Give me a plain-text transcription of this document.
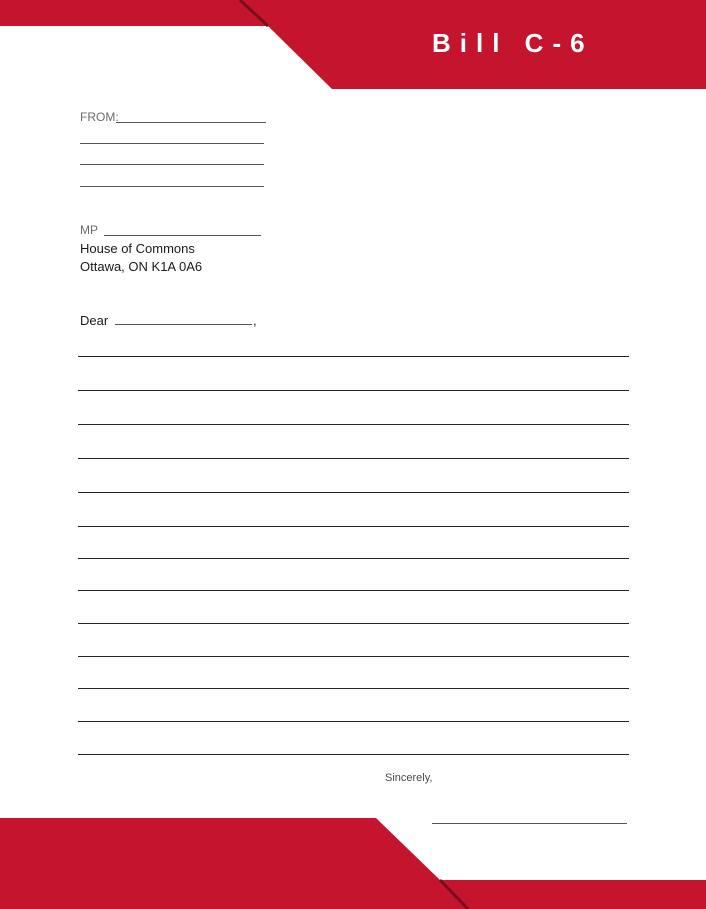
Bill C-6
FROM:
MP
House of Commons
Ottawa, ON K1A 0A6
Dear	,
Sincerely,
